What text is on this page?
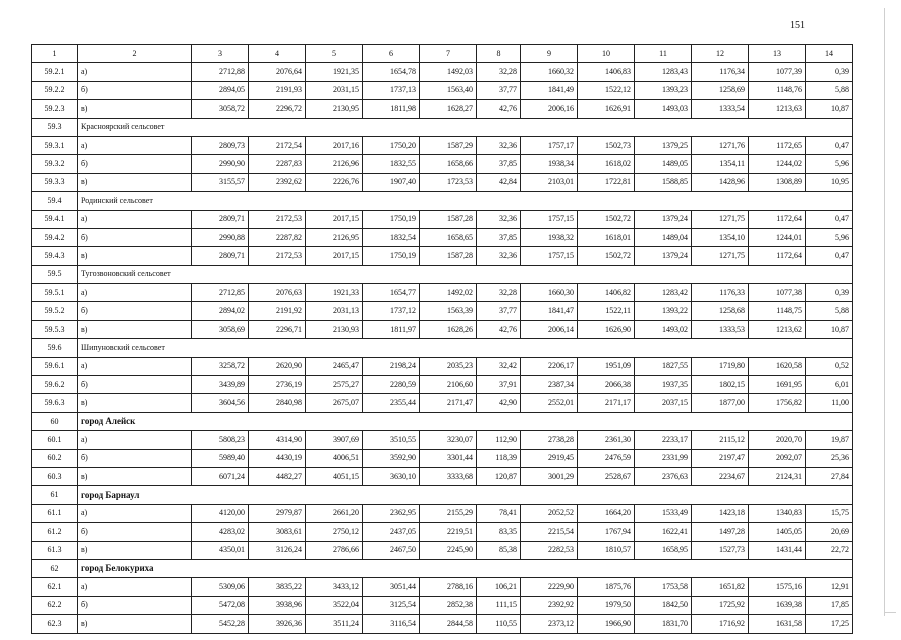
151
1	2	3	4	5	6	7	8	9	10	11	12	13	14
59.2.1	а)	2712,88	2076,64	1921,35	1654,78	1492,03	32,28	1660,32	1406,83	1283,43	1176,34	1077,39	0,39
59.2.2	б)	2894,05	2191,93	2031,15	1737,13	1563,40	37,77	1841,49	1522,12	1393,23	1258,69	1148,76	5,88
59.2.3	в)	3058,72	2296,72	2130,95	1811,98	1628,27	42,76	2006,16	1626,91	1493,03	1333,54	1213,63	10,87
59.3	Красноярский сельсовет												
59.3.1	а)	2809,73	2172,54	2017,16	1750,20	1587,29	32,36	1757,17	1502,73	1379,25	1271,76	1172,65	0,47
59.3.2	б)	2990,90	2287,83	2126,96	1832,55	1658,66	37,85	1938,34	1618,02	1489,05	1354,11	1244,02	5,96
59.3.3	в)	3155,57	2392,62	2226,76	1907,40	1723,53	42,84	2103,01	1722,81	1588,85	1428,96	1308,89	10,95
59.4	Родинский сельсовет												
59.4.1	а)	2809,71	2172,53	2017,15	1750,19	1587,28	32,36	1757,15	1502,72	1379,24	1271,75	1172,64	0,47
59.4.2	б)	2990,88	2287,82	2126,95	1832,54	1658,65	37,85	1938,32	1618,01	1489,04	1354,10	1244,01	5,96
59.4.3	в)	2809,71	2172,53	2017,15	1750,19	1587,28	32,36	1757,15	1502,72	1379,24	1271,75	1172,64	0,47
59.5	Тугозвоновский сельсовет												
59.5.1	а)	2712,85	2076,63	1921,33	1654,77	1492,02	32,28	1660,30	1406,82	1283,42	1176,33	1077,38	0,39
59.5.2	б)	2894,02	2191,92	2031,13	1737,12	1563,39	37,77	1841,47	1522,11	1393,22	1258,68	1148,75	5,88
59.5.3	в)	3058,69	2296,71	2130,93	1811,97	1628,26	42,76	2006,14	1626,90	1493,02	1333,53	1213,62	10,87
59.6	Шипуновский сельсовет												
59.6.1	а)	3258,72	2620,90	2465,47	2198,24	2035,23	32,42	2206,17	1951,09	1827,55	1719,80	1620,58	0,52
59.6.2	б)	3439,89	2736,19	2575,27	2280,59	2106,60	37,91	2387,34	2066,38	1937,35	1802,15	1691,95	6,01
59.6.3	в)	3604,56	2840,98	2675,07	2355,44	2171,47	42,90	2552,01	2171,17	2037,15	1877,00	1756,82	11,00
60	город Алейск												
60.1	а)	5808,23	4314,90	3907,69	3510,55	3230,07	112,90	2738,28	2361,30	2233,17	2115,12	2020,70	19,87
60.2	б)	5989,40	4430,19	4006,51	3592,90	3301,44	118,39	2919,45	2476,59	2331,99	2197,47	2092,07	25,36
60.3	в)	6071,24	4482,27	4051,15	3630,10	3333,68	120,87	3001,29	2528,67	2376,63	2234,67	2124,31	27,84
61	город Барнаул												
61.1	а)	4120,00	2979,87	2661,20	2362,95	2155,29	78,41	2052,52	1664,20	1533,49	1423,18	1340,83	15,75
61.2	б)	4283,02	3083,61	2750,12	2437,05	2219,51	83,35	2215,54	1767,94	1622,41	1497,28	1405,05	20,69
61.3	в)	4350,01	3126,24	2786,66	2467,50	2245,90	85,38	2282,53	1810,57	1658,95	1527,73	1431,44	22,72
62	город Белокуриха												
62.1	а)	5309,06	3835,22	3433,12	3051,44	2788,16	106,21	2229,90	1875,76	1753,58	1651,82	1575,16	12,91
62.2	б)	5472,08	3938,96	3522,04	3125,54	2852,38	111,15	2392,92	1979,50	1842,50	1725,92	1639,38	17,85
62.3	в)	5452,28	3926,36	3511,24	3116,54	2844,58	110,55	2373,12	1966,90	1831,70	1716,92	1631,58	17,25
